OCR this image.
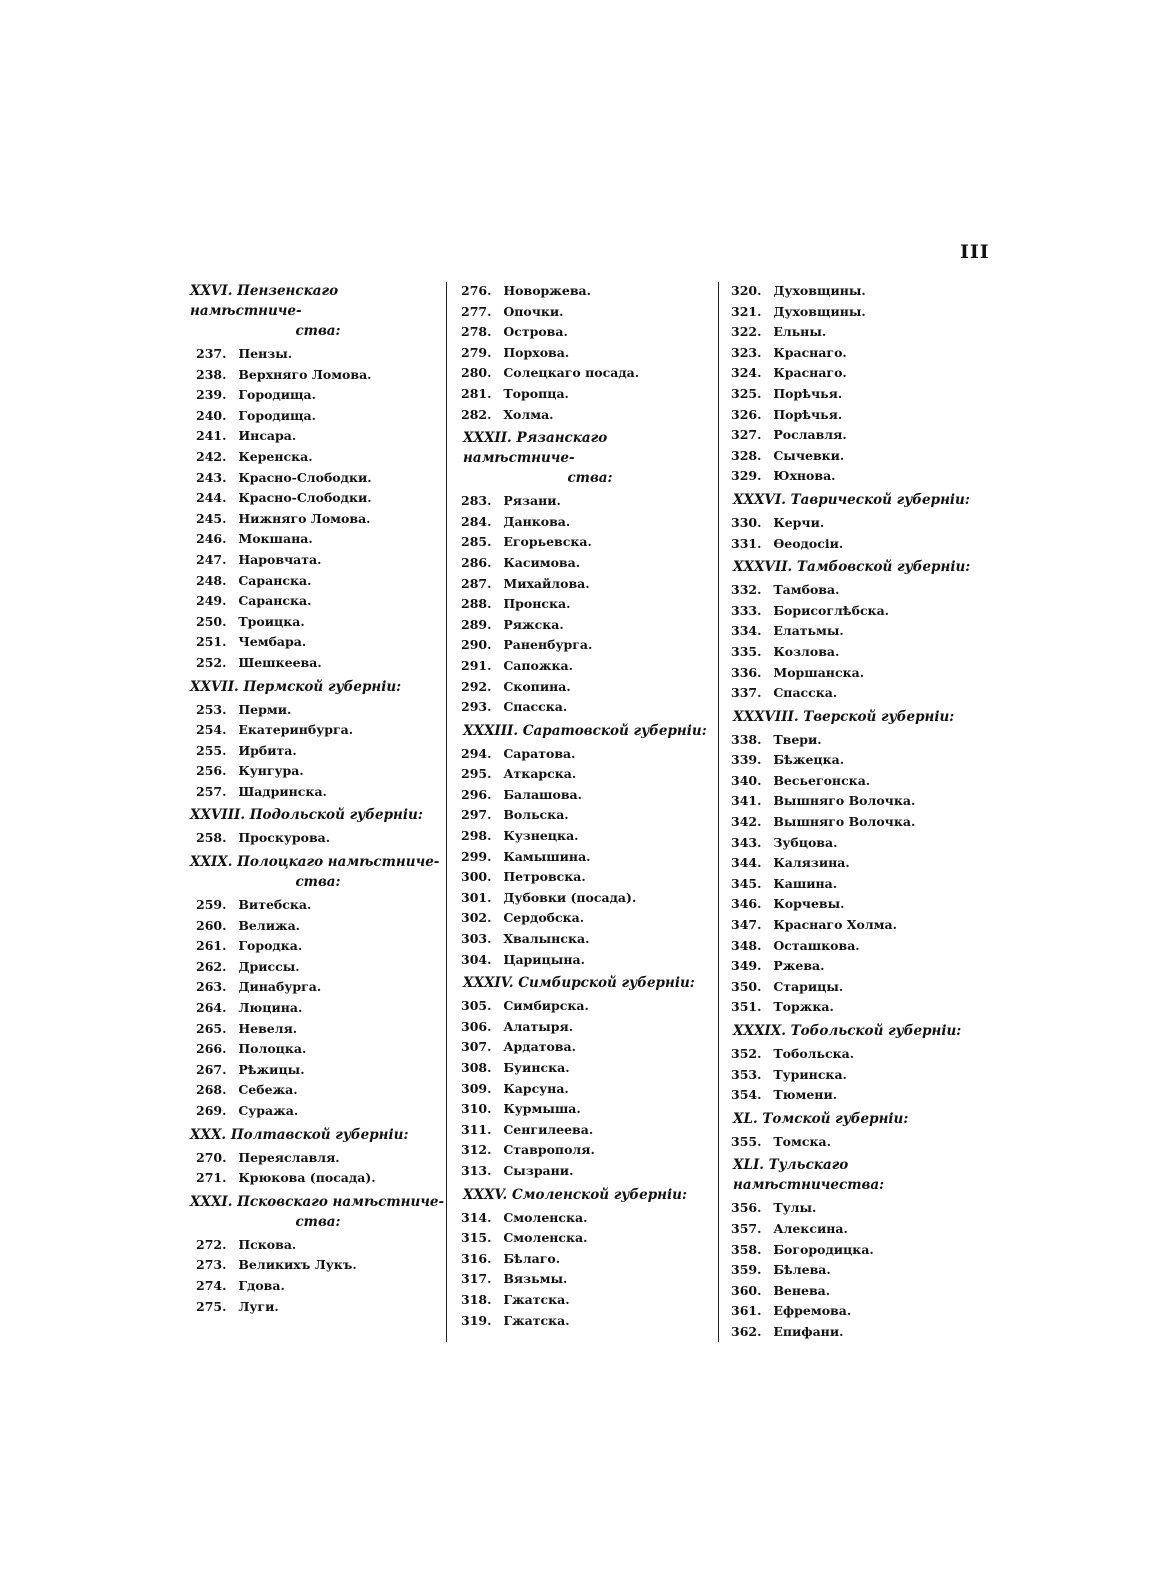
III
XXVI. Пензенскаго намѣстниче-
ства:
237. Пензы.
238. Верхняго Ломова.
239. Городища.
240. Городища.
241. Инсара.
242. Керенска.
243. Красно-Слободки.
244. Красно-Слободки.
245. Нижняго Ломова.
246. Мокшана.
247. Наровчата.
248. Саранска.
249. Саранска.
250. Троицка.
251. Чембара.
252. Шешкеева.
XXVII. Пермской губерніи:
253. Перми.
254. Екатеринбурга.
255. Ирбита.
256. Кунгура.
257. Шадринска.
XXVIII. Подольской губерніи:
258. Проскурова.
XXIX. Полоцкаго намѣстниче-
ства:
259. Витебска.
260. Велижа.
261. Городка.
262. Дриссы.
263. Динабурга.
264. Люцина.
265. Невеля.
266. Полоцка.
267. Рѣжицы.
268. Себежа.
269. Суража.
XXX. Полтавской губерніи:
270. Переяславля.
271. Крюкова (посада).
XXXI. Псковскаго намѣстниче-
ства:
272. Пскова.
273. Великихъ Лукъ.
274. Гдова.
275. Луги.
276. Новоржева.
277. Опочки.
278. Острова.
279. Порхова.
280. Солецкаго посада.
281. Торопца.
282. Холма.
XXXII. Рязанскаго намѣстниче-
ства:
283. Рязани.
284. Данкова.
285. Егорьевска.
286. Касимова.
287. Михайлова.
288. Пронска.
289. Ряжска.
290. Раненбурга.
291. Сапожка.
292. Скопина.
293. Спасска.
XXXIII. Саратовской губерніи:
294. Саратова.
295. Аткарска.
296. Балашова.
297. Вольска.
298. Кузнецка.
299. Камышина.
300. Петровска.
301. Дубовки (посада).
302. Сердобска.
303. Хвалынска.
304. Царицына.
XXXIV. Симбирской губерніи:
305. Симбирска.
306. Алатыря.
307. Ардатова.
308. Буинска.
309. Карсуна.
310. Курмыша.
311. Сенгилеева.
312. Ставрополя.
313. Сызрани.
XXXV. Смоленской губерніи:
314. Смоленска.
315. Смоленска.
316. Бѣлаго.
317. Вязьмы.
318. Гжатска.
319. Гжатска.
320. Духовщины.
321. Духовщины.
322. Ельны.
323. Краснаго.
324. Краснаго.
325. Порѣчья.
326. Порѣчья.
327. Рославля.
328. Сычевки.
329. Юхнова.
XXXVI. Таврической губерніи:
330. Керчи.
331. Ѳеодосіи.
XXXVII. Тамбовской губерніи:
332. Тамбова.
333. Борисоглѣбска.
334. Елатьмы.
335. Козлова.
336. Моршанска.
337. Спасска.
XXXVIII. Тверской губерніи:
338. Твери.
339. Бѣжецка.
340. Весьегонска.
341. Вышняго Волочка.
342. Вышняго Волочка.
343. Зубцова.
344. Калязина.
345. Кашина.
346. Корчевы.
347. Краснаго Холма.
348. Осташкова.
349. Ржева.
350. Старицы.
351. Торжка.
XXXIX. Тобольской губерніи:
352. Тобольска.
353. Туринска.
354. Тюмени.
XL. Томской губерніи:
355. Томска.
XLI. Тульскаго намѣстничества:
356. Тулы.
357. Алексина.
358. Богородицка.
359. Бѣлева.
360. Венева.
361. Ефремова.
362. Епифани.
